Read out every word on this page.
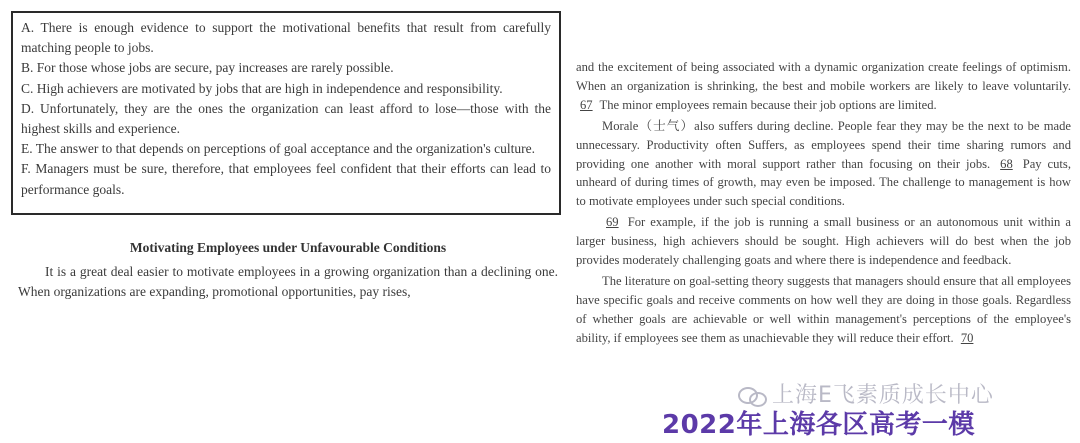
A. There is enough evidence to support the motivational benefits that result from carefully matching people to jobs.
B. For those whose jobs are secure, pay increases are rarely possible.
C. High achievers are motivated by jobs that are high in independence and responsibility.
D. Unfortunately, they are the ones the organization can least afford to lose—those with the highest skills and experience.
E. The answer to that depends on perceptions of goal acceptance and the organization's culture.
F. Managers must be sure, therefore, that employees feel confident that their efforts can lead to performance goals.
Motivating Employees under Unfavourable Conditions

It is a great deal easier to motivate employees in a growing organization than a declining one. When organizations are expanding, promotional opportunities, pay rises,

and the excitement of being associated with a dynamic organization create feelings of optimism. When an organization is shrinking, the best and mobile workers are likely to leave voluntarily. 67 The minor employees remain because their job options are limited.

Morale（士气）also suffers during decline. People fear they may be the next to be made unnecessary. Productivity often Suffers, as employees spend their time sharing rumors and providing one another with moral support rather than focusing on their jobs. 68 Pay cuts, unheard of during times of growth, may even be imposed. The challenge to management is how to motivate employees under such special conditions.

69 For example, if the job is running a small business or an autonomous unit within a larger business, high achievers should be sought. High achievers will do best when the job provides moderately challenging goats and where there is independence and feedback.

The literature on goal-setting theory suggests that managers should ensure that all employees have specific goals and receive comments on how well they are doing in those goals. Regardless of whether goals are achievable or well within management's perceptions of the employee's ability, if employees see them as unachievable they will reduce their effort. 70

上海E飞素质成长中心
2022年上海各区高考一模
